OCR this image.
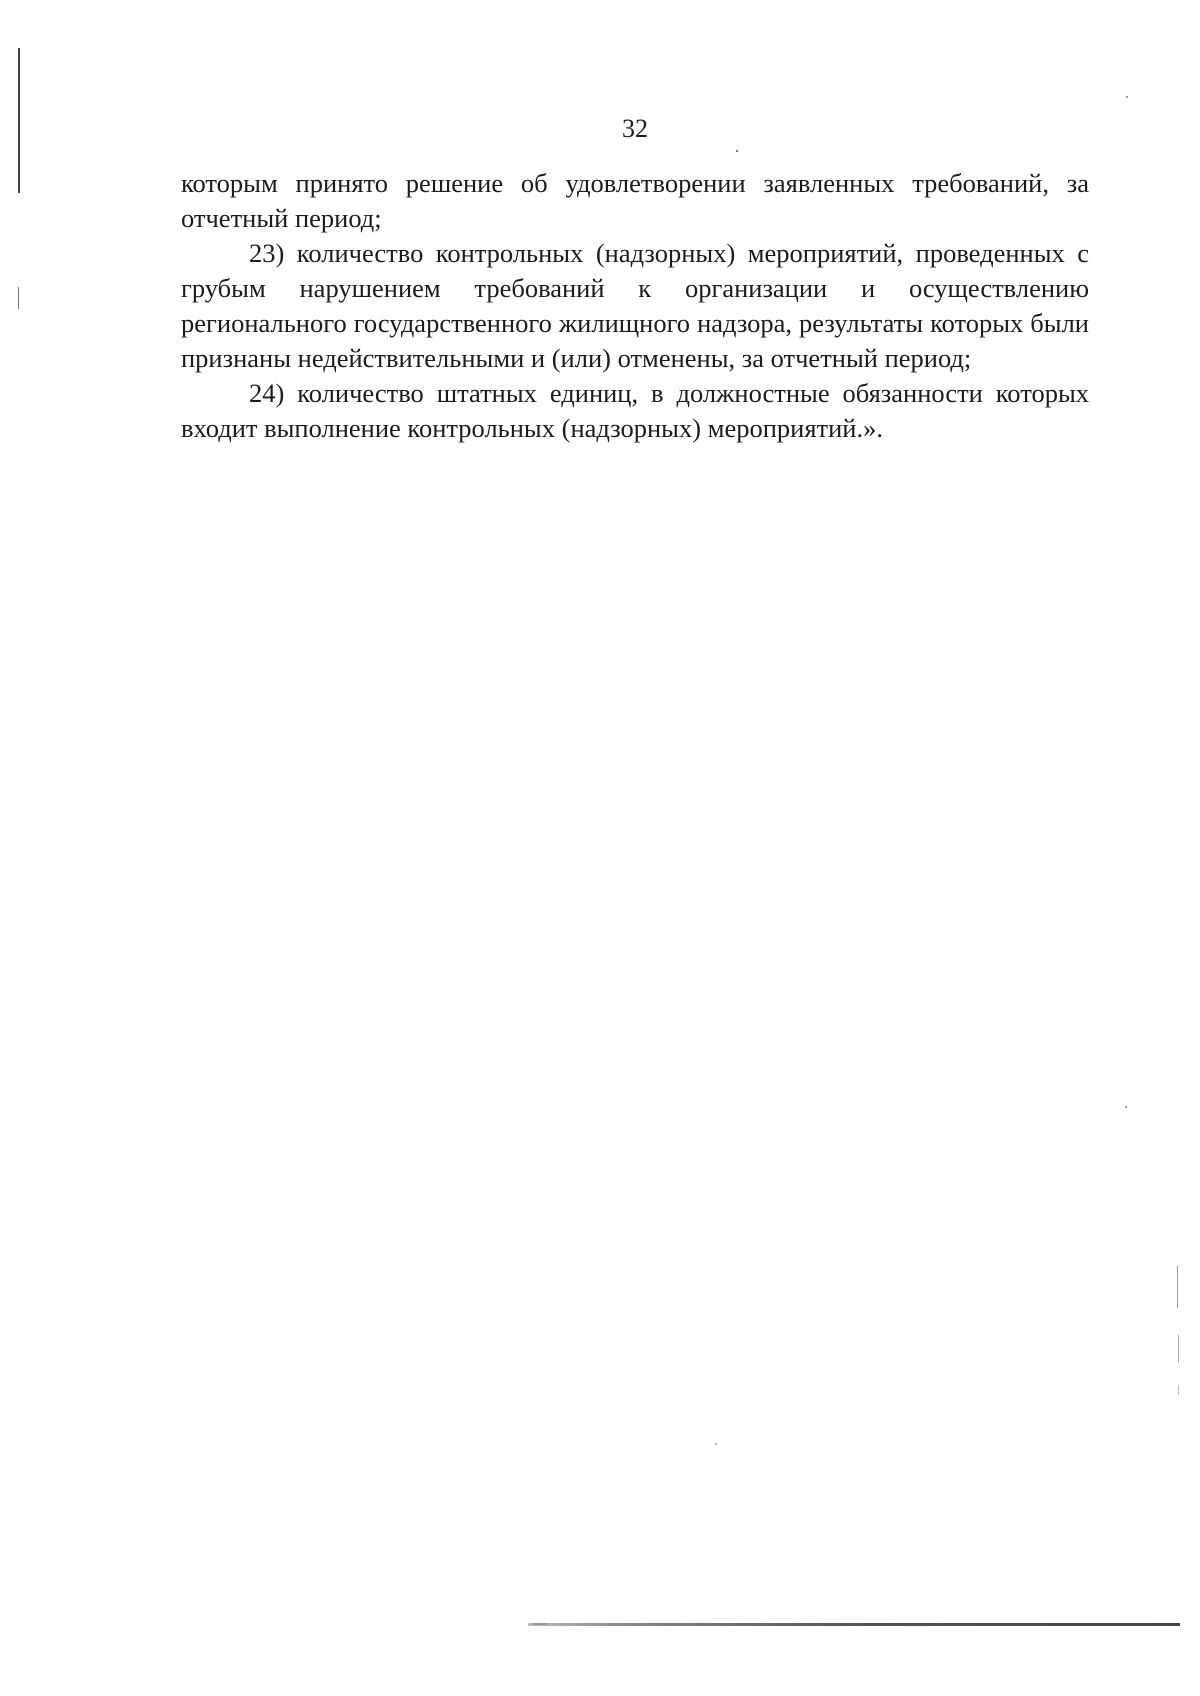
32

которым принято решение об удовлетворении заявленных требований, за отчетный период;

23) количество контрольных (надзорных) мероприятий, проведенных с грубым нарушением требований к организации и осуществлению регионального государственного жилищного надзора, результаты которых были признаны недействительными и (или) отменены, за отчетный период;

24) количество штатных единиц, в должностные обязанности которых входит выполнение контрольных (надзорных) мероприятий.».
